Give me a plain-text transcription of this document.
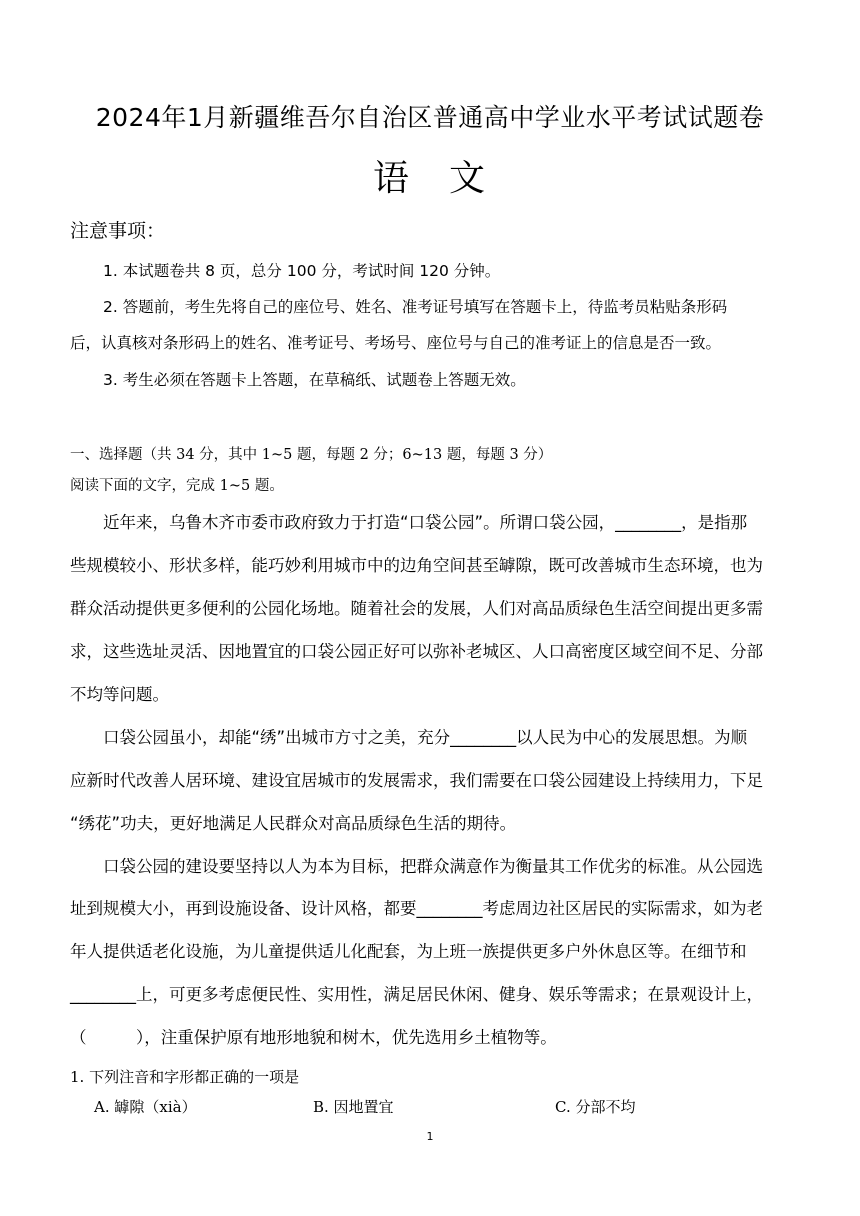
2024年1月新疆维吾尔自治区普通高中学业水平考试试题卷
语　文
注意事项：
1. 本试题卷共 8 页，总分 100 分，考试时间 120 分钟。
2. 答题前，考生先将自己的座位号、姓名、准考证号填写在答题卡上，待监考员粘贴条形码
后，认真核对条形码上的姓名、准考证号、考场号、座位号与自己的准考证上的信息是否一致。
3. 考生必须在答题卡上答题，在草稿纸、试题卷上答题无效。
一、选择题（共 34 分，其中 1~5 题，每题 2 分；6~13 题，每题 3 分）
阅读下面的文字，完成 1~5 题。
近年来，乌鲁木齐市委市政府致力于打造“口袋公园”。所谓口袋公园，________，是指那
些规模较小、形状多样，能巧妙利用城市中的边角空间甚至罅隙，既可改善城市生态环境，也为
群众活动提供更多便利的公园化场地。随着社会的发展，人们对高品质绿色生活空间提出更多需
求，这些选址灵活、因地置宜的口袋公园正好可以弥补老城区、人口高密度区域空间不足、分部
不均等问题。
口袋公园虽小，却能“绣”出城市方寸之美，充分________以人民为中心的发展思想。为顺
应新时代改善人居环境、建设宜居城市的发展需求，我们需要在口袋公园建设上持续用力，下足
“绣花”功夫，更好地满足人民群众对高品质绿色生活的期待。
口袋公园的建设要坚持以人为本为目标，把群众满意作为衡量其工作优劣的标准。从公园选
址到规模大小，再到设施设备、设计风格，都要________考虑周边社区居民的实际需求，如为老
年人提供适老化设施，为儿童提供适儿化配套，为上班一族提供更多户外休息区等。在细节和
________上，可更多考虑便民性、实用性，满足居民休闲、健身、娱乐等需求；在景观设计上，
（　　　），注重保护原有地形地貌和树木，优先选用乡土植物等。
1. 下列注音和字形都正确的一项是
A. 罅隙（xià）	B. 因地置宜	C. 分部不均
1
